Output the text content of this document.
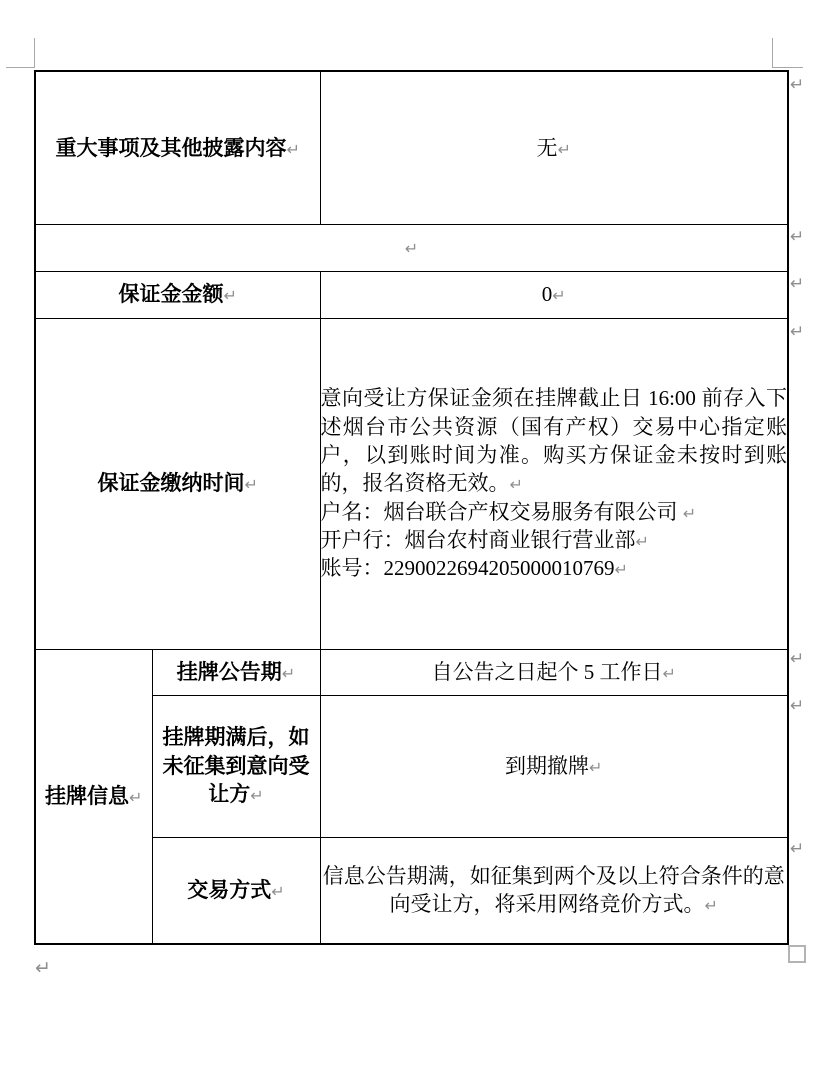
重大事项及其他披露内容↵		无↵
↵		
保证金金额↵		0↵
保证金缴纳时间↵		意向受让方保证金须在挂牌截止日 16:00 前存入下述烟台市公共资源（国有产权）交易中心指定账户，以到账时间为准。购买方保证金未按时到账的，报名资格无效。↵

户名：烟台联合产权交易服务有限公司 ↵

开户行：烟台农村商业银行营业部↵

账号：2290022694205000010769↵

挂牌信息↵	挂牌公告期↵	自公告之日起个 5 工作日↵
	挂牌期满后，如未征集到意向受让方↵	到期撤牌↵
	交易方式↵	信息公告期满，如征集到两个及以上符合条件的意向受让方，将采用网络竞价方式。↵
↵
↵
↵
↵
↵
↵
↵
↵
